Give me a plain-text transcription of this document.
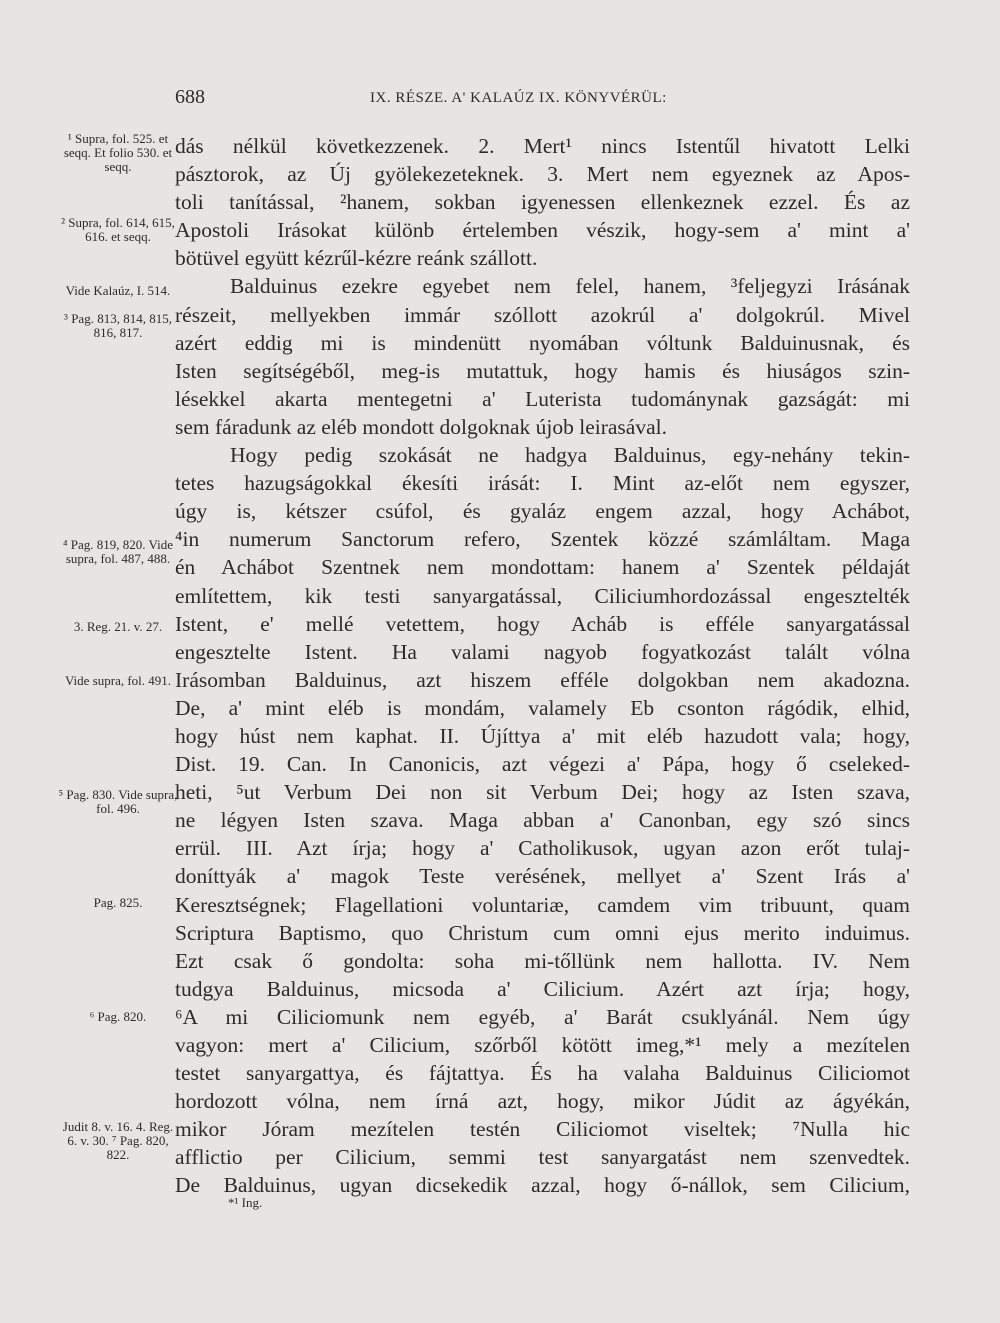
688	IX. RÉSZE. A' KALAÚZ IX. KÖNYVÉRÜL:
¹ Supra, fol. 525. et seqq. Et folio 530. et seqq.
² Supra, fol. 614, 615, 616. et seqq.
Vide Kalaúz, I. 514.
³ Pag. 813, 814, 815, 816, 817.
⁴ Pag. 819, 820. Vide supra, fol. 487, 488.
3. Reg. 21. v. 27.
Vide supra, fol. 491.
⁵ Pag. 830. Vide supra, fol. 496.
Pag. 825.
⁶ Pag. 820.
Judit 8. v. 16. 4. Reg. 6. v. 30. ⁷ Pag. 820, 822.
dás nélkül következzenek. 2. Mert¹ nincs Istentűl hivatott Lelki
pásztorok, az Új gyölekezeteknek. 3. Mert nem egyeznek az Apos-
toli tanítással, ²hanem, sokban igyenessen ellenkeznek ezzel. És az
Apostoli Irásokat különb értelemben vészik, hogy-sem a' mint a'
bötüvel együtt kézrűl-kézre reánk szállott.
Balduinus ezekre egyebet nem felel, hanem, ³feljegyzi Irásának
részeit, mellyekben immár szóllott azokrúl a' dolgokrúl. Mivel
azért eddig mi is mindenütt nyomában vóltunk Balduinusnak, és
Isten segítségéből, meg-is mutattuk, hogy hamis és hiuságos szin-
lésekkel akarta mentegetni a' Luterista tudománynak gazságát: mi
sem fáradunk az eléb mondott dolgoknak újob leirasával.
Hogy pedig szokását ne hadgya Balduinus, egy-nehány tekin-
tetes hazugságokkal ékesíti irását: I. Mint az-előt nem egyszer,
úgy is, kétszer csúfol, és gyaláz engem azzal, hogy Achábot,
⁴in numerum Sanctorum refero, Szentek közzé számláltam. Maga
én Achábot Szentnek nem mondottam: hanem a' Szentek példaját
említettem, kik testi sanyargatással, Ciliciumhordozással engesztelték
Istent, e' mellé vetettem, hogy Acháb is efféle sanyargatással
engesztelte Istent. Ha valami nagyob fogyatkozást talált vólna
Irásomban Balduinus, azt hiszem efféle dolgokban nem akadozna.
De, a' mint eléb is mondám, valamely Eb csonton rágódik, elhid,
hogy húst nem kaphat. II. Újíttya a' mit eléb hazudott vala; hogy,
Dist. 19. Can. In Canonicis, azt végezi a' Pápa, hogy ő cseleked-
heti, ⁵ut Verbum Dei non sit Verbum Dei; hogy az Isten szava,
ne légyen Isten szava. Maga abban a' Canonban, egy szó sincs
errül. III. Azt írja; hogy a' Catholikusok, ugyan azon erőt tulaj-
doníttyák a' magok Teste verésének, mellyet a' Szent Irás a'
Keresztségnek; Flagellationi voluntariæ, camdem vim tribuunt, quam
Scriptura Baptismo, quo Christum cum omni ejus merito induimus.
Ezt csak ő gondolta: soha mi-tőllünk nem hallotta. IV. Nem
tudgya Balduinus, micsoda a' Cilicium. Azért azt írja; hogy,
⁶A mi Ciliciomunk nem egyéb, a' Barát csuklyánál. Nem úgy
vagyon: mert a' Cilicium, szőrből kötött imeg,*¹ mely a mezítelen
testet sanyargattya, és fájtattya. És ha valaha Balduinus Ciliciomot
hordozott vólna, nem írná azt, hogy, mikor Júdit az ágyékán,
mikor Jóram mezítelen testén Ciliciomot viseltek; ⁷Nulla hic
afflictio per Cilicium, semmi test sanyargatást nem szenvedtek.
De Balduinus, ugyan dicsekedik azzal, hogy ő-nállok, sem Cilicium,
*¹ Ing.
